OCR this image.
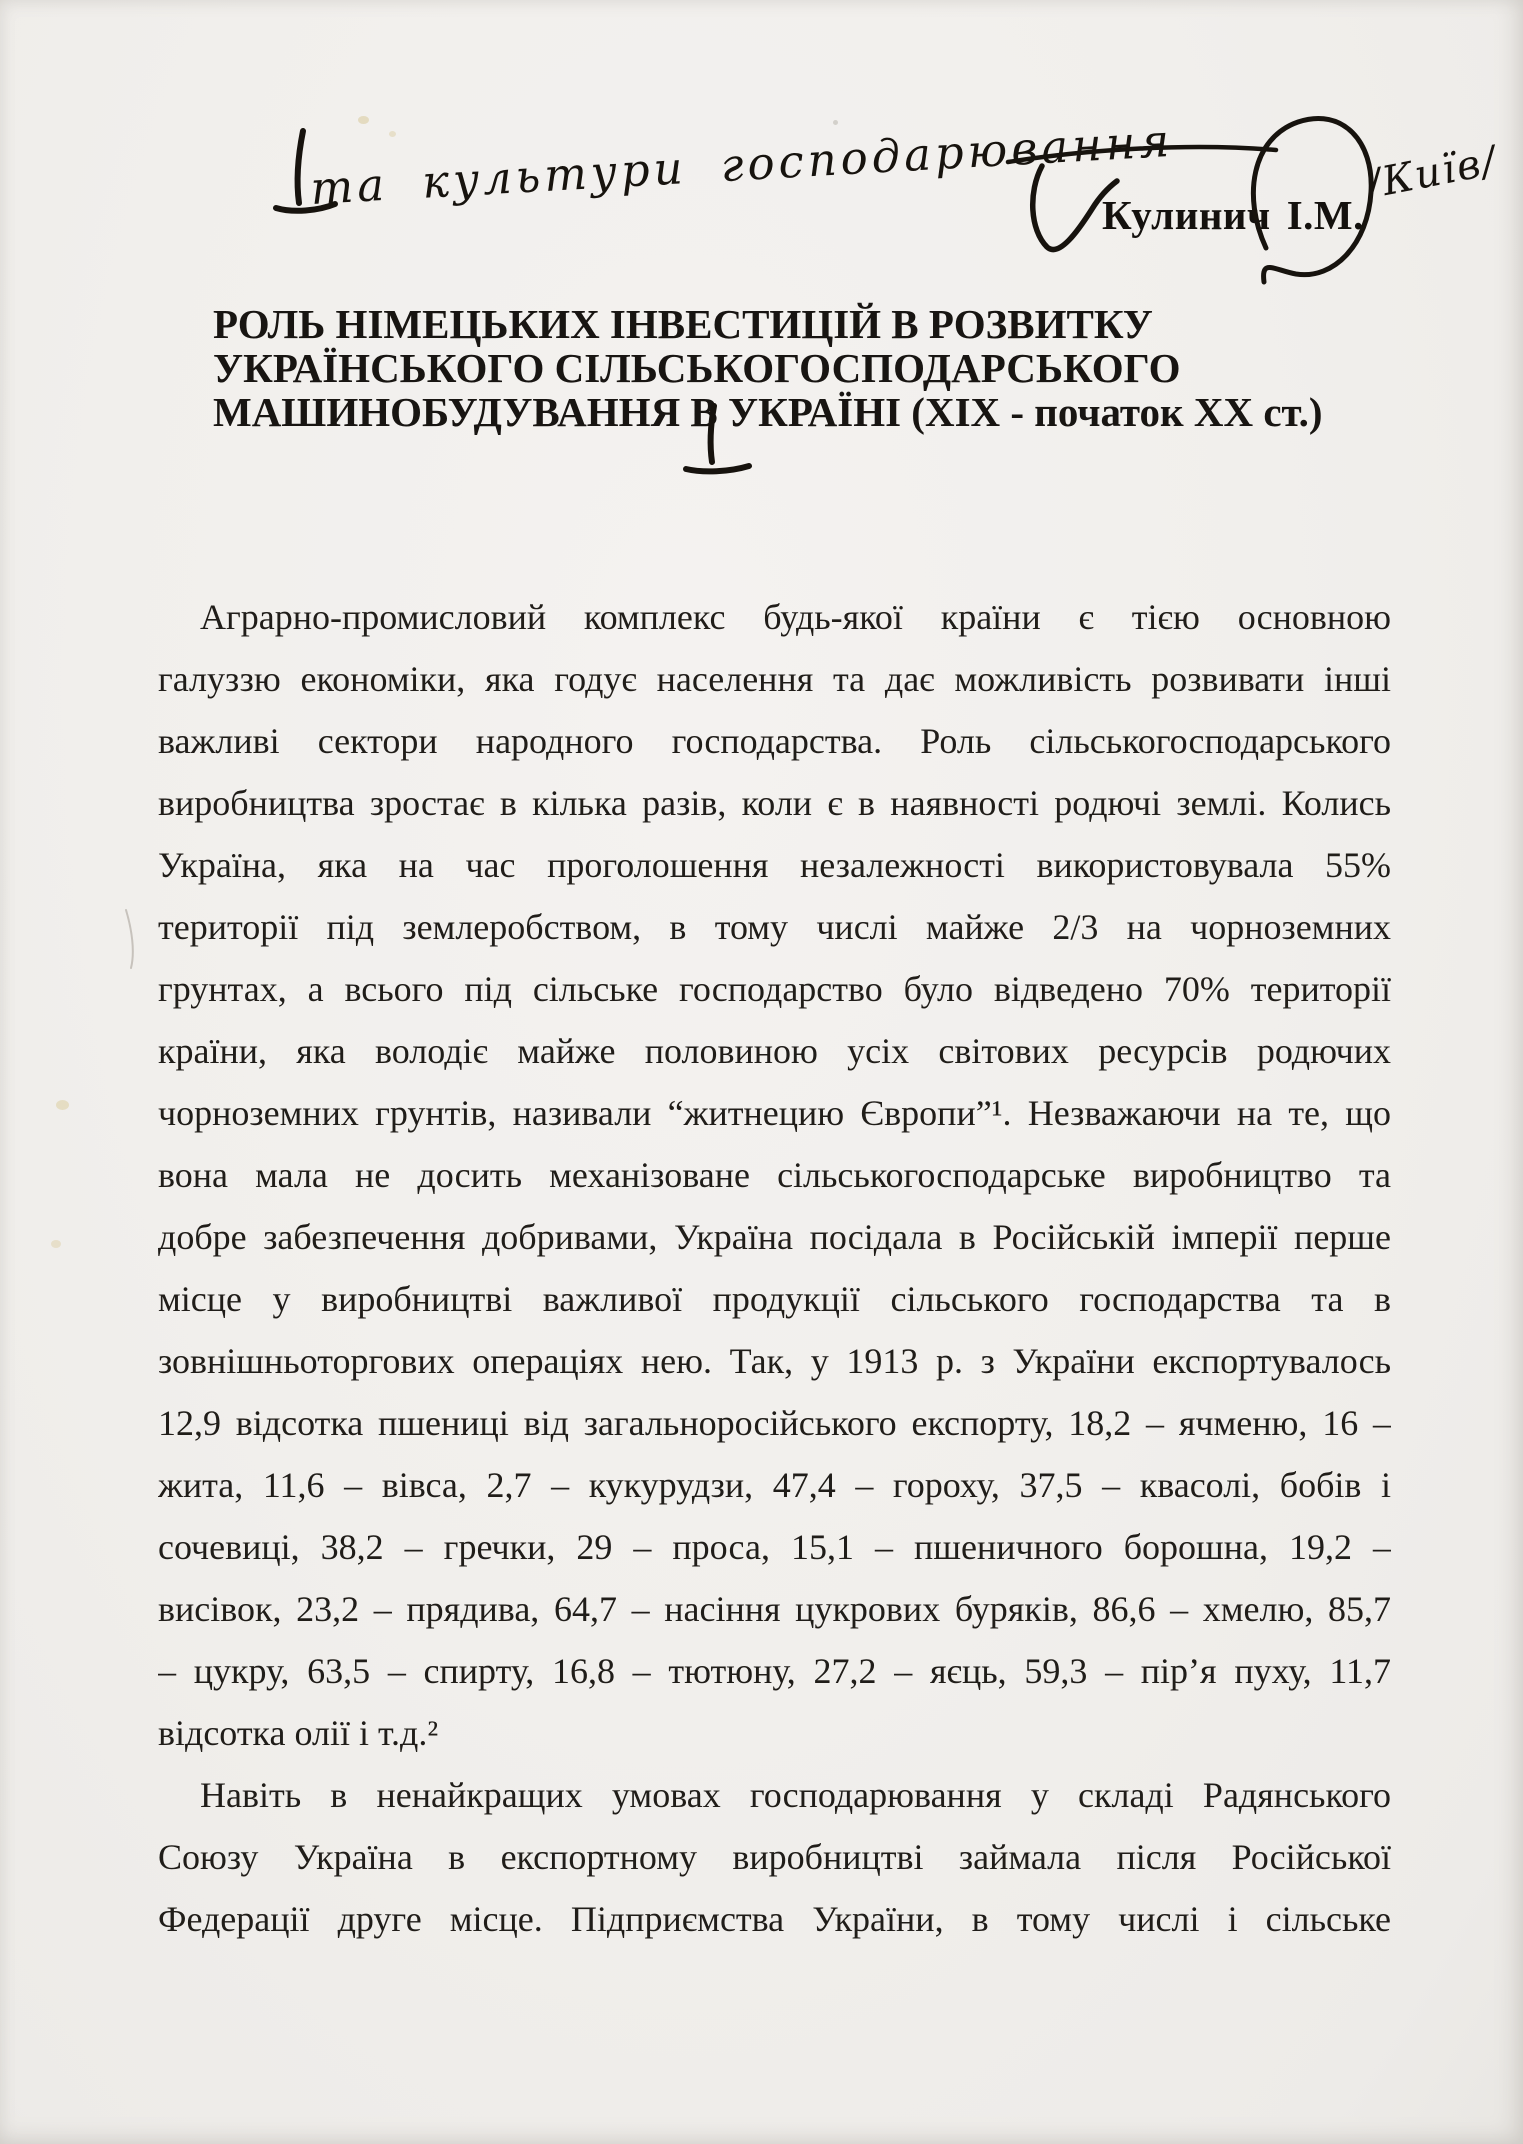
та культури господарювання
Кулинич І.М.
/Київ/
РОЛЬ НІМЕЦЬКИХ ІНВЕСТИЦІЙ В РОЗВИТКУ
УКРАЇНСЬКОГО СІЛЬСЬКОГОСПОДАРСЬКОГО
МАШИНОБУДУВАННЯ В УКРАЇНІ (XIX - початок XX ст.)
Аграрно-промисловий комплекс будь-якої країни є тією основною
галуззю економіки, яка годує населення та дає можливість розвивати інші
важливі сектори народного господарства. Роль сільськогосподарського
виробництва зростає в кілька разів, коли є в наявності родючі землі. Колись
Україна, яка на час проголошення незалежності використовувала 55%
території під землеробством, в тому числі майже 2/3 на чорноземних
грунтах, а всього під сільське господарство було відведено 70% території
країни, яка володіє майже половиною усіх світових ресурсів родючих
чорноземних грунтів, називали “житнецию Європи”¹. Незважаючи на те, що
вона мала не досить механізоване сільськогосподарське виробництво та
добре забезпечення добривами, Україна посідала в Російській імперії перше
місце у виробництві важливої продукції сільського господарства та в
зовнішньоторгових операціях нею. Так, у 1913 р. з України експортувалось
12,9 відсотка пшениці від загальноросійського експорту, 18,2 – ячменю, 16 –
жита, 11,6 – вівса, 2,7 – кукурудзи, 47,4 – гороху, 37,5 – квасолі, бобів і
сочевиці, 38,2 – гречки, 29 – проса, 15,1 – пшеничного борошна, 19,2 –
висівок, 23,2 – прядива, 64,7 – насіння цукрових буряків, 86,6 – хмелю, 85,7
– цукру, 63,5 – спирту, 16,8 – тютюну, 27,2 – яєць, 59,3 – пір’я пуху, 11,7
відсотка олії і т.д.²
Навіть в ненайкращих умовах господарювання у складі Радянського
Союзу Україна в експортному виробництві займала після Російської
Федерації друге місце. Підприємства України, в тому числі і сільське
